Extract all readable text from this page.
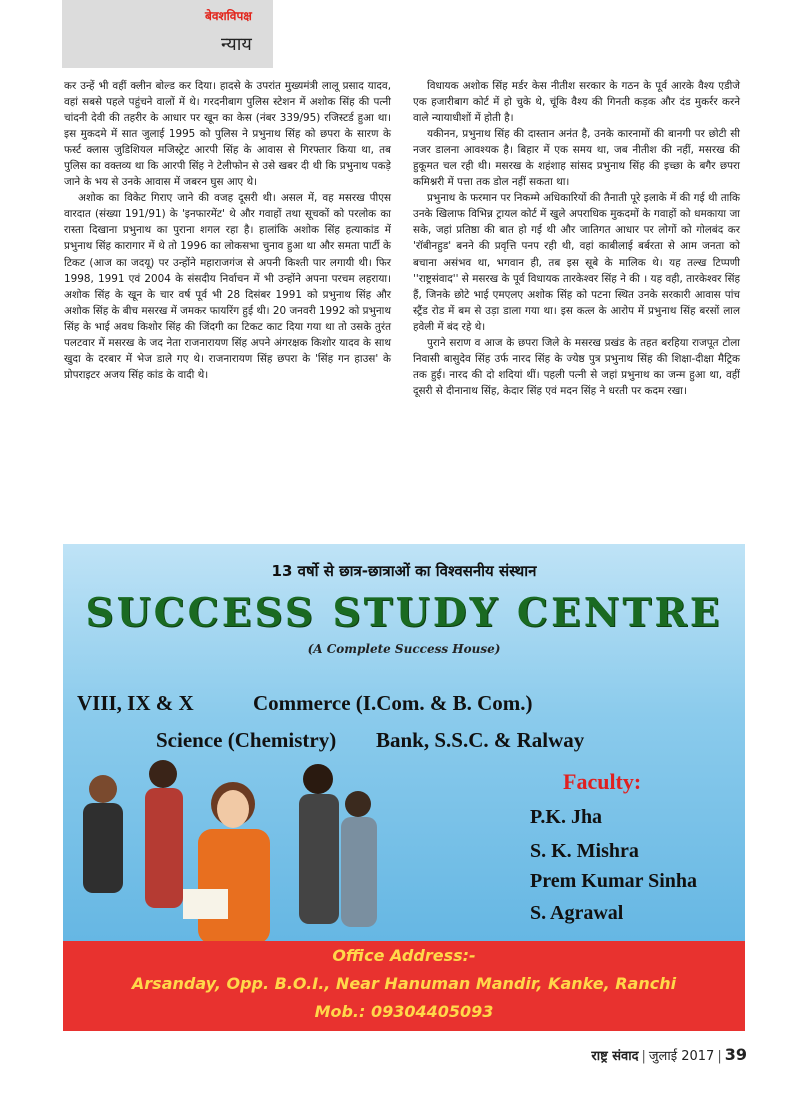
बेवशविपक्ष
न्याय

कर उन्हें भी वहीं क्लीन बोल्ड कर दिया। हादसे के उपरांत मुख्यमंत्री लालू प्रसाद यादव, वहां सबसे पहले पहुंचने वालों में थे। गरदनीबाग पुलिस स्टेशन में अशोक सिंह की पत्नी चांदनी देवी की तहरीर के आधार पर खून का केस (नंबर 339/95) रजिस्टर्ड हुआ था। इस मुकदमे में सात जुलाई 1995 को पुलिस ने प्रभुनाथ सिंह को छपरा के सारण के फर्स्ट क्लास जुडिशियल मजिस्ट्रेट आरपी सिंह के आवास से गिरफ्तार किया था, तब पुलिस का वक्तव्य था कि आरपी सिंह ने टेलीफोन से उसे खबर दी थी कि प्रभुनाथ पकड़े जाने के भय से उनके आवास में जबरन घुस आए थे।

अशोक का विकेट गिराए जाने की वजह दूसरी थी। असल में, वह मसरख पीएस वारदात (संख्या 191/91) के 'इनफारमेंट' थे और गवाहों तथा सूचकों को परलोक का रास्ता दिखाना प्रभुनाथ का पुराना शगल रहा है। हालांकि अशोक सिंह हत्याकांड में प्रभुनाथ सिंह कारागार में थे तो 1996 का लोकसभा चुनाव हुआ था और समता पार्टी के टिकट (आज का जदयू) पर उन्होंने महाराजगंज से अपनी किश्ती पार लगायी थी। फिर 1998, 1991 एवं 2004 के संसदीय निर्वाचन में भी उन्होंने अपना परचम लहराया। अशोक सिंह के खून के चार वर्ष पूर्व भी 28 दिसंबर 1991 को प्रभुनाथ सिंह और अशोक सिंह के बीच मसरख में जमकर फायरिंग हुई थी। 20 जनवरी 1992 को प्रभुनाथ सिंह के भाई अवध किशोर सिंह की जिंदगी का टिकट काट दिया गया था तो उसके तुरंत पलटवार में मसरख के जद नेता राजनारायण सिंह अपने अंगरक्षक किशोर यादव के साथ खुदा के दरबार में भेज डाले गए थे। राजनारायण सिंह छपरा के 'सिंह गन हाउस' के प्रोपराइटर अजय सिंह कांड के वादी थे।

विधायक अशोक सिंह मर्डर केस नीतीश सरकार के गठन के पूर्व आरके वैश्य एडीजे एक हजारीबाग कोर्ट में हो चुके थे, चूंकि वैश्य की गिनती कड़क और दंड मुकर्रर करने वाले न्यायाधीशों में होती है।

यकीनन, प्रभुनाथ सिंह की दास्तान अनंत है, उनके कारनामों की बानगी पर छोटी सी नजर डालना आवश्यक है। बिहार में एक समय था, जब नीतीश की नहीं, मसरख की हुकूमत चल रही थी। मसरख के शहंशाह सांसद प्रभुनाथ सिंह की इच्छा के बगैर छपरा कमिश्नरी में पत्ता तक डोल नहीं सकता था।

प्रभुनाथ के फरमान पर निकम्मे अधिकारियों की तैनाती पूरे इलाके में की गई थी ताकि उनके खिलाफ विभिन्न ट्रायल कोर्ट में खुले अपराधिक मुकदमों के गवाहों को धमकाया जा सके, जहां प्रतिष्ठा की बात हो गई थी और जातिगत आधार पर लोगों को गोलबंद कर 'रॉबीनहुड' बनने की प्रवृत्ति पनप रही थी, वहां काबीलाई बर्बरता से आम जनता को बचाना असंभव था, भगवान ही, तब इस सूबे के मालिक थे। यह तल्ख टिप्पणी ''राष्ट्रसंवाद'' से मसरख के पूर्व विधायक तारकेश्वर सिंह ने की । यह वही, तारकेश्वर सिंह हैं, जिनके छोटे भाई एमएलए अशोक सिंह को पटना स्थित उनके सरकारी आवास पांच स्ट्रैंड रोड में बम से उड़ा डाला गया था। इस कत्ल के आरोप में प्रभुनाथ सिंह बरसों लाल हवेली में बंद रहे थे।

पुराने सराण व आज के छपरा जिले के मसरख प्रखंड के तहत बरहिया राजपूत टोला निवासी बासुदेव सिंह उर्फ नारद सिंह के ज्येष्ठ पुत्र प्रभुनाथ सिंह की शिक्षा-दीक्षा मैट्रिक तक हुई। नारद की दो शदियां थीं। पहली पत्नी से जहां प्रभुनाथ का जन्म हुआ था, वहीं दूसरी से दीनानाथ सिंह, केदार सिंह एवं मदन सिंह ने धरती पर कदम रखा।

13 वर्षो से छात्र-छात्राओं का विश्वसनीय संस्थान
SUCCESS STUDY CENTRE
(A Complete Success House)
VIII, IX & X	Commerce (I.Com. & B. Com.)
Science (Chemistry) Bank, S.S.C. & Ralway
Faculty:
P.K. Jha
S. K. Mishra
Prem Kumar Sinha
S. Agrawal
Office Address:-
Arsanday, Opp. B.O.I., Near Hanuman Mandir, Kanke, Ranchi
Mob.: 09304405093
राष्ट्र संवाद | जुलाई 2017 | 39
